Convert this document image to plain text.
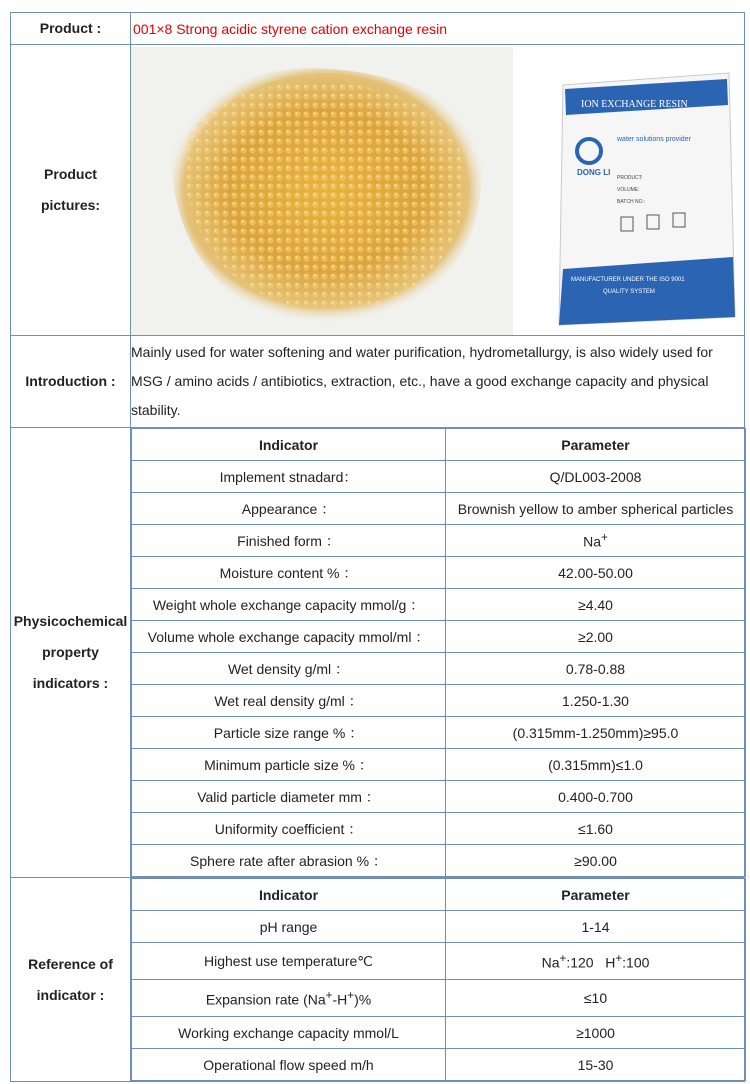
Product :	001×8 Strong acidic styrene cation exchange resin
Product
pictures:	
ION EXCHANGE RESIN
DONG LI
water solutions provider
PRODUCT:
VOLUME:
BATCH NO.:
MANUFACTURER UNDER THE ISO 9001
QUALITY SYSTEM

Introduction :	Mainly used for water softening and water purification, hydrometallurgy, is also widely used for MSG / amino acids / antibiotics, extraction, etc., have a good exchange capacity and physical stability.
Physicochemical
property
indicators :	
Indicator	Parameter
Implement stnadard：	Q/DL003-2008
Appearance ：	Brownish yellow to amber spherical particles
Finished form ：	Na+
Moisture content % ：	42.00-50.00
Weight whole exchange capacity mmol/g ：	≥4.40
Volume whole exchange capacity mmol/ml ：	≥2.00
Wet density g/ml ：	0.78-0.88
Wet real density g/ml ：	1.250-1.30
Particle size range % ：	(0.315mm-1.250mm)≥95.0
Minimum particle size % ：	(0.315mm)≤1.0
Valid particle diameter mm ：	0.400-0.700
Uniformity coefficient ：	≤1.60
Sphere rate after abrasion % ：	≥90.00

Reference of
indicator :	
Indicator	Parameter
pH range	1-14
Highest use temperature℃	Na+:120   H+:100
Expansion rate (Na+-H+)%	≤10
Working exchange capacity mmol/L	≥1000
Operational flow speed m/h	15-30
